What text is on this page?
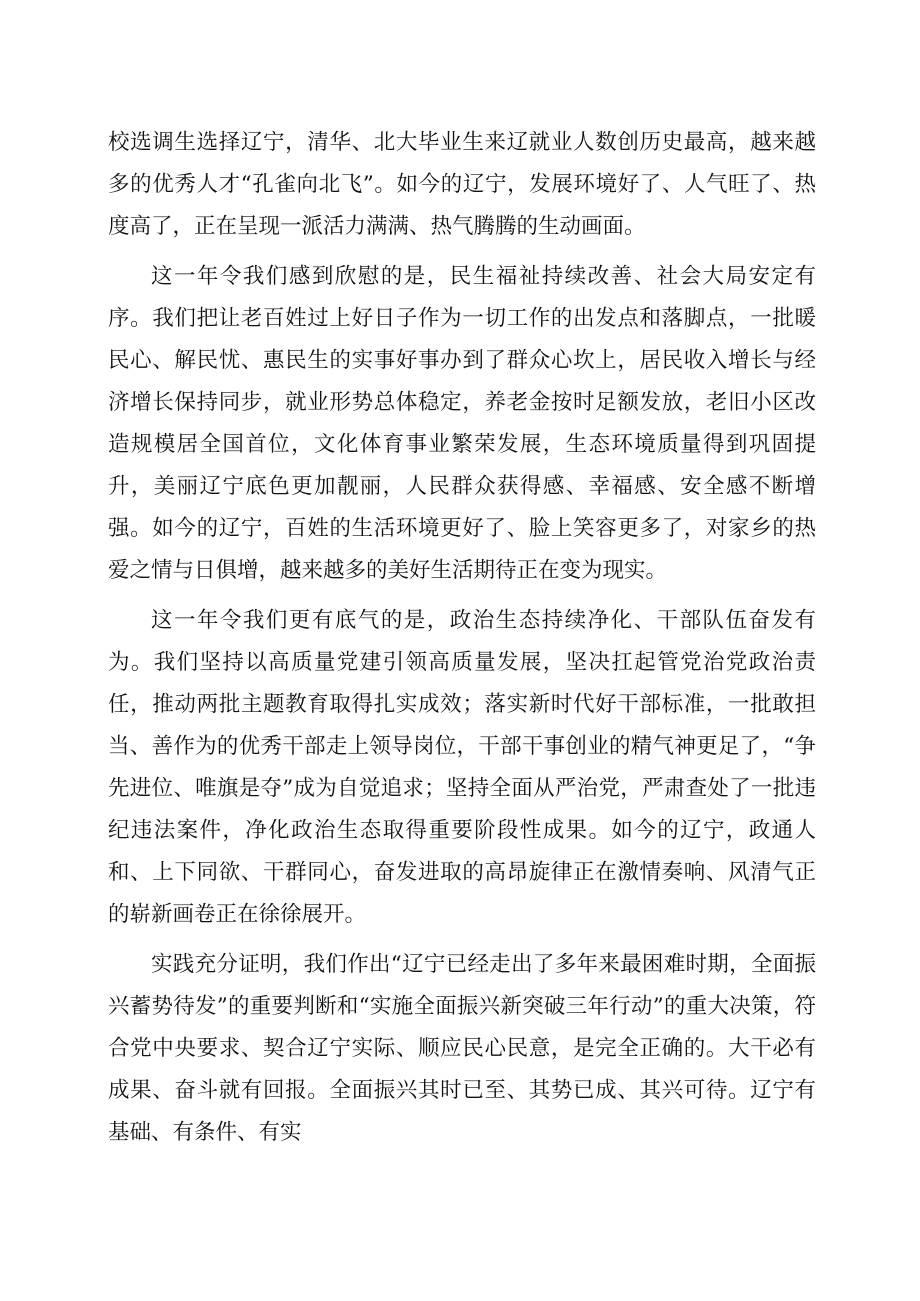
校选调生选择辽宁，清华、北大毕业生来辽就业人数创历史最高，越来越多的优秀人才“孔雀向北飞”。如今的辽宁，发展环境好了、人气旺了、热度高了，正在呈现一派活力满满、热气腾腾的生动画面。

这一年令我们感到欣慰的是，民生福祉持续改善、社会大局安定有序。我们把让老百姓过上好日子作为一切工作的出发点和落脚点，一批暖民心、解民忧、惠民生的实事好事办到了群众心坎上，居民收入增长与经济增长保持同步，就业形势总体稳定，养老金按时足额发放，老旧小区改造规模居全国首位，文化体育事业繁荣发展，生态环境质量得到巩固提升，美丽辽宁底色更加靓丽，人民群众获得感、幸福感、安全感不断增强。如今的辽宁，百姓的生活环境更好了、脸上笑容更多了，对家乡的热爱之情与日俱增，越来越多的美好生活期待正在变为现实。

这一年令我们更有底气的是，政治生态持续净化、干部队伍奋发有为。我们坚持以高质量党建引领高质量发展，坚决扛起管党治党政治责任，推动两批主题教育取得扎实成效；落实新时代好干部标准，一批敢担当、善作为的优秀干部走上领导岗位，干部干事创业的精气神更足了，“争先进位、唯旗是夺”成为自觉追求；坚持全面从严治党，严肃查处了一批违纪违法案件，净化政治生态取得重要阶段性成果。如今的辽宁，政通人和、上下同欲、干群同心，奋发进取的高昂旋律正在激情奏响、风清气正的崭新画卷正在徐徐展开。

实践充分证明，我们作出“辽宁已经走出了多年来最困难时期，全面振兴蓄势待发”的重要判断和“实施全面振兴新突破三年行动”的重大决策，符合党中央要求、契合辽宁实际、顺应民心民意，是完全正确的。大干必有成果、奋斗就有回报。全面振兴其时已至、其势已成、其兴可待。辽宁有基础、有条件、有实
